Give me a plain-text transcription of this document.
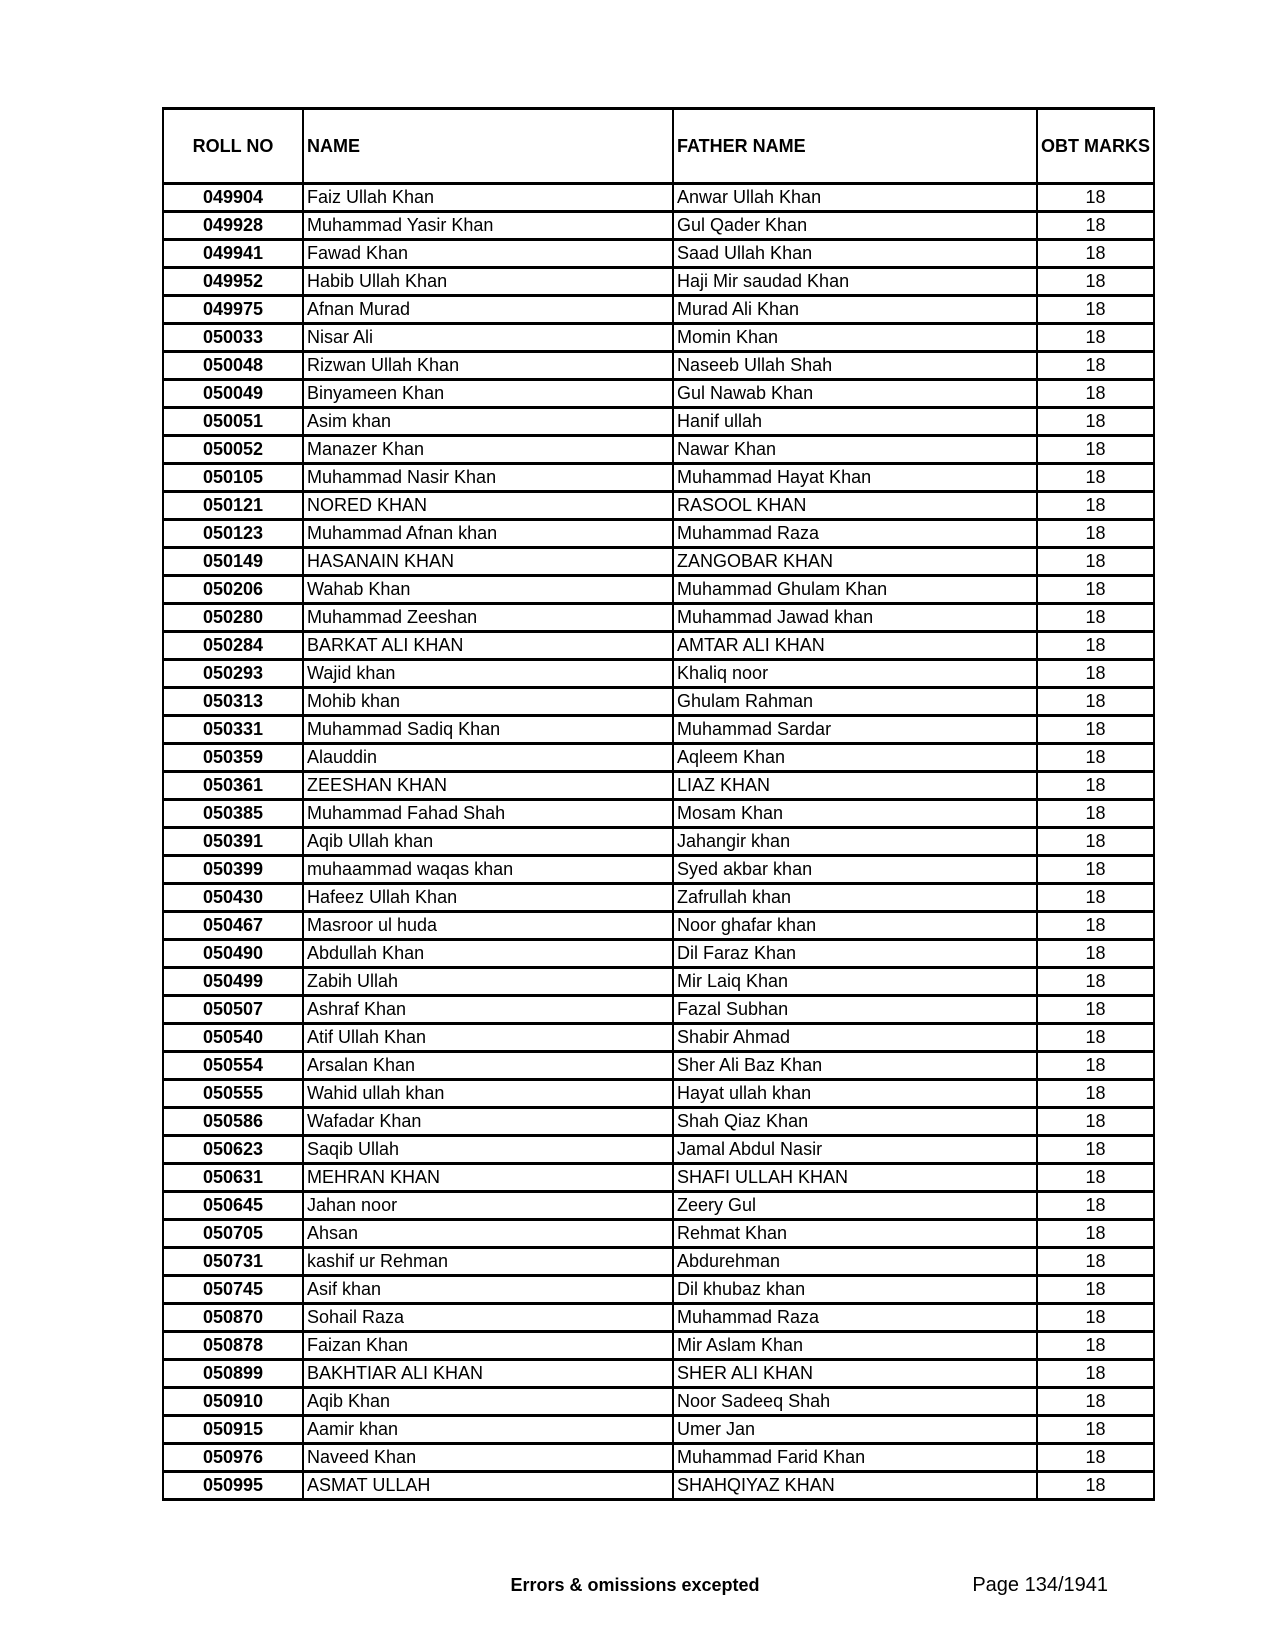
ROLL NO	NAME	FATHER NAME	OBT MARKS
049904	Faiz Ullah Khan	Anwar Ullah Khan	18
049928	Muhammad Yasir Khan	Gul Qader Khan	18
049941	Fawad Khan	Saad Ullah Khan	18
049952	Habib Ullah Khan	Haji Mir saudad Khan	18
049975	Afnan Murad	Murad Ali Khan	18
050033	Nisar Ali	Momin Khan	18
050048	Rizwan Ullah Khan	Naseeb Ullah Shah	18
050049	Binyameen Khan	Gul Nawab Khan	18
050051	Asim khan	Hanif ullah	18
050052	Manazer Khan	Nawar Khan	18
050105	Muhammad Nasir Khan	Muhammad Hayat Khan	18
050121	NORED KHAN	RASOOL KHAN	18
050123	Muhammad Afnan khan	Muhammad Raza	18
050149	HASANAIN KHAN	ZANGOBAR KHAN	18
050206	Wahab Khan	Muhammad Ghulam Khan	18
050280	Muhammad Zeeshan	Muhammad Jawad khan	18
050284	BARKAT ALI KHAN	AMTAR ALI KHAN	18
050293	Wajid khan	Khaliq noor	18
050313	Mohib khan	Ghulam Rahman	18
050331	Muhammad Sadiq Khan	Muhammad Sardar	18
050359	Alauddin	Aqleem Khan	18
050361	ZEESHAN KHAN	LIAZ KHAN	18
050385	Muhammad Fahad Shah	Mosam Khan	18
050391	Aqib Ullah khan	Jahangir khan	18
050399	muhaammad waqas khan	Syed akbar khan	18
050430	Hafeez Ullah Khan	Zafrullah khan	18
050467	Masroor ul huda	Noor ghafar khan	18
050490	Abdullah Khan	Dil Faraz Khan	18
050499	Zabih Ullah	Mir Laiq Khan	18
050507	Ashraf Khan	Fazal Subhan	18
050540	Atif Ullah Khan	Shabir Ahmad	18
050554	Arsalan Khan	Sher Ali Baz Khan	18
050555	Wahid ullah khan	Hayat ullah khan	18
050586	Wafadar Khan	Shah Qiaz Khan	18
050623	Saqib Ullah	Jamal Abdul Nasir	18
050631	MEHRAN KHAN	SHAFI ULLAH KHAN	18
050645	Jahan noor	Zeery Gul	18
050705	Ahsan	Rehmat Khan	18
050731	kashif ur Rehman	Abdurehman	18
050745	Asif khan	Dil khubaz khan	18
050870	Sohail Raza	Muhammad Raza	18
050878	Faizan Khan	Mir Aslam Khan	18
050899	BAKHTIAR ALI KHAN	SHER ALI KHAN	18
050910	Aqib Khan	Noor Sadeeq Shah	18
050915	Aamir khan	Umer Jan	18
050976	Naveed Khan	Muhammad Farid Khan	18
050995	ASMAT ULLAH	SHAHQIYAZ KHAN	18
Errors & omissions excepted	Page 134/1941
